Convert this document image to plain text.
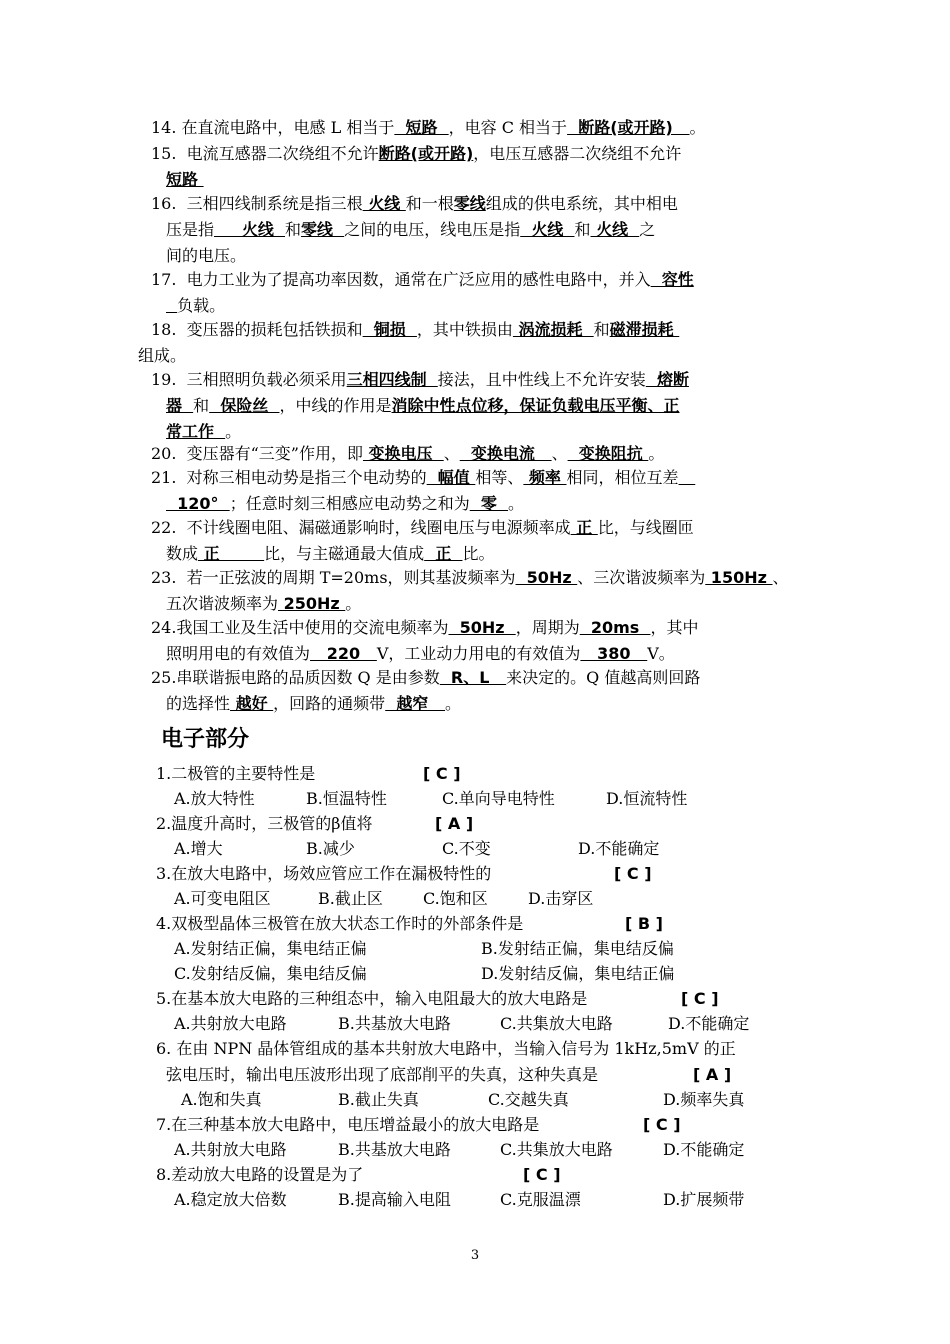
14. 在直流电路中，电感 L 相当于  短路  ，电容 C 相当于  断路(或开路)   。
15.  电流互感器二次绕组不允许断路(或开路)，电压互感器二次绕组不允许
短路
16.  三相四线制系统是指三根 火线 和一根零线组成的供电系统，其中相电
压是指     火线  和零线  之间的电压，线电压是指  火线  和 火线  之
间的电压。
17.  电力工业为了提高功率因数，通常在广泛应用的感性电路中，并入  容性
负载。
18.  变压器的损耗包括铁损和  铜损  ，其中铁损由 涡流损耗  和磁滞损耗
组成。
19.  三相照明负载必须采用三相四线制  接法，且中性线上不允许安装  熔断
器  和  保险丝  ，中线的作用是消除中性点位移，保证负载电压平衡、正
常工作  。
20.  变压器有“三变”作用，即 变换电压  、  变换电流   、  变换阻抗 。
21.  对称三相电动势是指三个电动势的  幅值 相等、 频率 相同，相位互差
120°  ；任意时刻三相感应电动势之和为  零  。
22.  不计线圈电阻、漏磁通影响时，线圈电压与电源频率成 正 比，与线圈匝
数成 正        比，与主磁通最大值成  正  比。
23.  若一正弦波的周期 T=20ms，则其基波频率为  50Hz 、三次谐波频率为 150Hz 、
五次谐波频率为 250Hz 。
24.我国工业及生活中使用的交流电频率为  50Hz  ，周期为  20ms  ，其中
照明用电的有效值为   220   V，工业动力用电的有效值为   380   V。
25.串联谐振电路的品质因数 Q 是由参数  R、L   来决定的。Q 值越高则回路
的选择性 越好 ，回路的通频带  越窄   。
电子部分
1.二极管的主要特性是	[ C ]
A.放大特性	B.恒温特性	C.单向导电特性	D.恒流特性
2.温度升高时，三极管的β值将	[ A ]
A.增大	B.减少	C.不变	D.不能确定
3.在放大电路中，场效应管应工作在漏极特性的	[ C ]
A.可变电阻区	B.截止区	C.饱和区	D.击穿区
4.双极型晶体三极管在放大状态工作时的外部条件是	[ B ]
A.发射结正偏，集电结正偏	B.发射结正偏，集电结反偏
C.发射结反偏，集电结反偏	D.发射结反偏，集电结正偏
5.在基本放大电路的三种组态中，输入电阻最大的放大电路是	[ C ]
A.共射放大电路	B.共基放大电路	C.共集放大电路	D.不能确定
6. 在由 NPN 晶体管组成的基本共射放大电路中，当输入信号为 1kHz,5mV 的正
弦电压时，输出电压波形出现了底部削平的失真，这种失真是	[ A ]
A.饱和失真	B.截止失真	C.交越失真	D.频率失真
7.在三种基本放大电路中，电压增益最小的放大电路是	[ C ]
A.共射放大电路	B.共基放大电路	C.共集放大电路	D.不能确定
8.差动放大电路的设置是为了	[ C ]
A.稳定放大倍数	B.提高输入电阻	C.克服温漂	D.扩展频带
3
